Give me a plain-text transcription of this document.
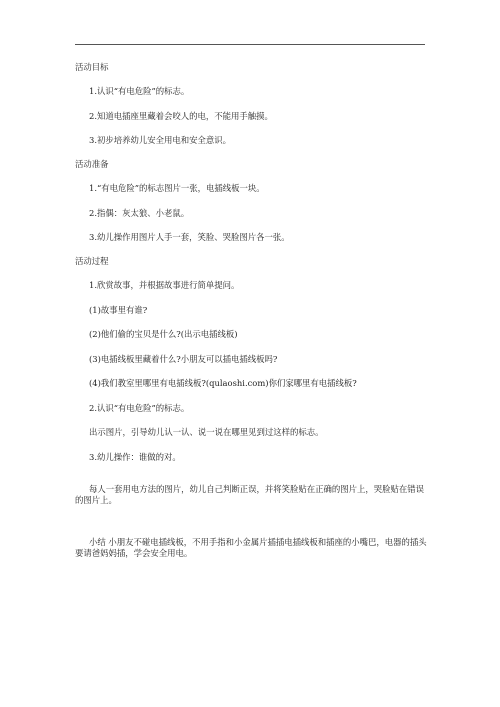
活动目标

1.认识“有电危险”的标志。

2.知道电插座里藏着会咬人的电，不能用手触摸。

3.初步培养幼儿安全用电和安全意识。

活动准备

1.“有电危险”的标志图片一张，电插线板一块。

2.指偶：灰太狼、小老鼠。

3.幼儿操作用图片人手一套，笑脸、哭脸图片各一张。

活动过程

1.欣赏故事，并根据故事进行简单提问。

(1)故事里有谁?

(2)他们偷的宝贝是什么?(出示电插线板)

(3)电插线板里藏着什么?小朋友可以插电插线板吗?

(4)我们教室里哪里有电插线板?(qulaoshi.com)你们家哪里有电插线板?

2.认识“有电危险”的标志。

出示图片，引导幼儿认一认、说一说在哪里见到过这样的标志。

3.幼儿操作：谁做的对。

每人一套用电方法的图片，幼儿自己判断正误，并将笑脸贴在正确的图片上，哭脸贴在错误的图片上。

小结 小朋友不碰电插线板，不用手指和小金属片插插电插线板和插座的小嘴巴，电器的插头要请爸妈妈插，学会安全用电。
